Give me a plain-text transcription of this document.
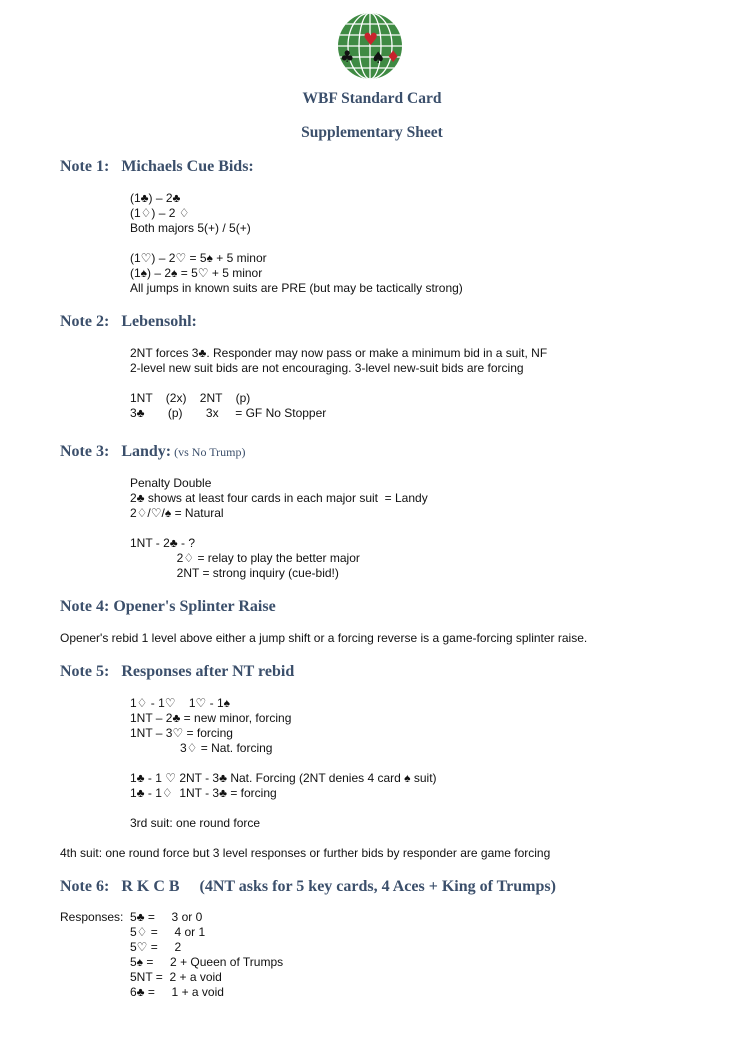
♥
♣ ♠ ♦
WBF Standard Card
Supplementary Sheet
Note 1:   Michaels Cue Bids:
(1♣) – 2♣
(1♢) – 2 ♢
Both majors 5(+) / 5(+)
(1♡) – 2♡ = 5♠ + 5 minor
(1♠) – 2♠ = 5♡ + 5 minor
All jumps in known suits are PRE (but may be tactically strong)
Note 2:   Lebensohl:
2NT forces 3♣. Responder may now pass or make a minimum bid in a suit, NF
2-level new suit bids are not encouraging. 3-level new-suit bids are forcing
1NT    (2x)    2NT    (p)
3♣       (p)       3x     = GF No Stopper
Note 3:   Landy: (vs No Trump)
Penalty Double
2♣ shows at least four cards in each major suit  = Landy
2♢/♡/♠ = Natural
1NT - 2♣ - ?
2♢ = relay to play the better major
2NT = strong inquiry (cue-bid!)
Note 4: Opener's Splinter Raise
Opener's rebid 1 level above either a jump shift or a forcing reverse is a game-forcing splinter raise.
Note 5:   Responses after NT rebid
1♢ - 1♡    1♡ - 1♠
1NT – 2♣ = new minor, forcing
1NT – 3♡ = forcing
3♢ = Nat. forcing
1♣ - 1 ♡ 2NT - 3♣ Nat. Forcing (2NT denies 4 card ♠ suit)
1♣ - 1♢  1NT - 3♣ = forcing
3rd suit: one round force
4th suit: one round force but 3 level responses or further bids by responder are game forcing
Note 6:   R K C B     (4NT asks for 5 key cards, 4 Aces + King of Trumps)
Responses: 5♣ =     3 or 0
5♢ =     4 or 1
5♡ =     2
5♠ =     2 + Queen of Trumps
5NT =  2 + a void
6♣ =     1 + a void
